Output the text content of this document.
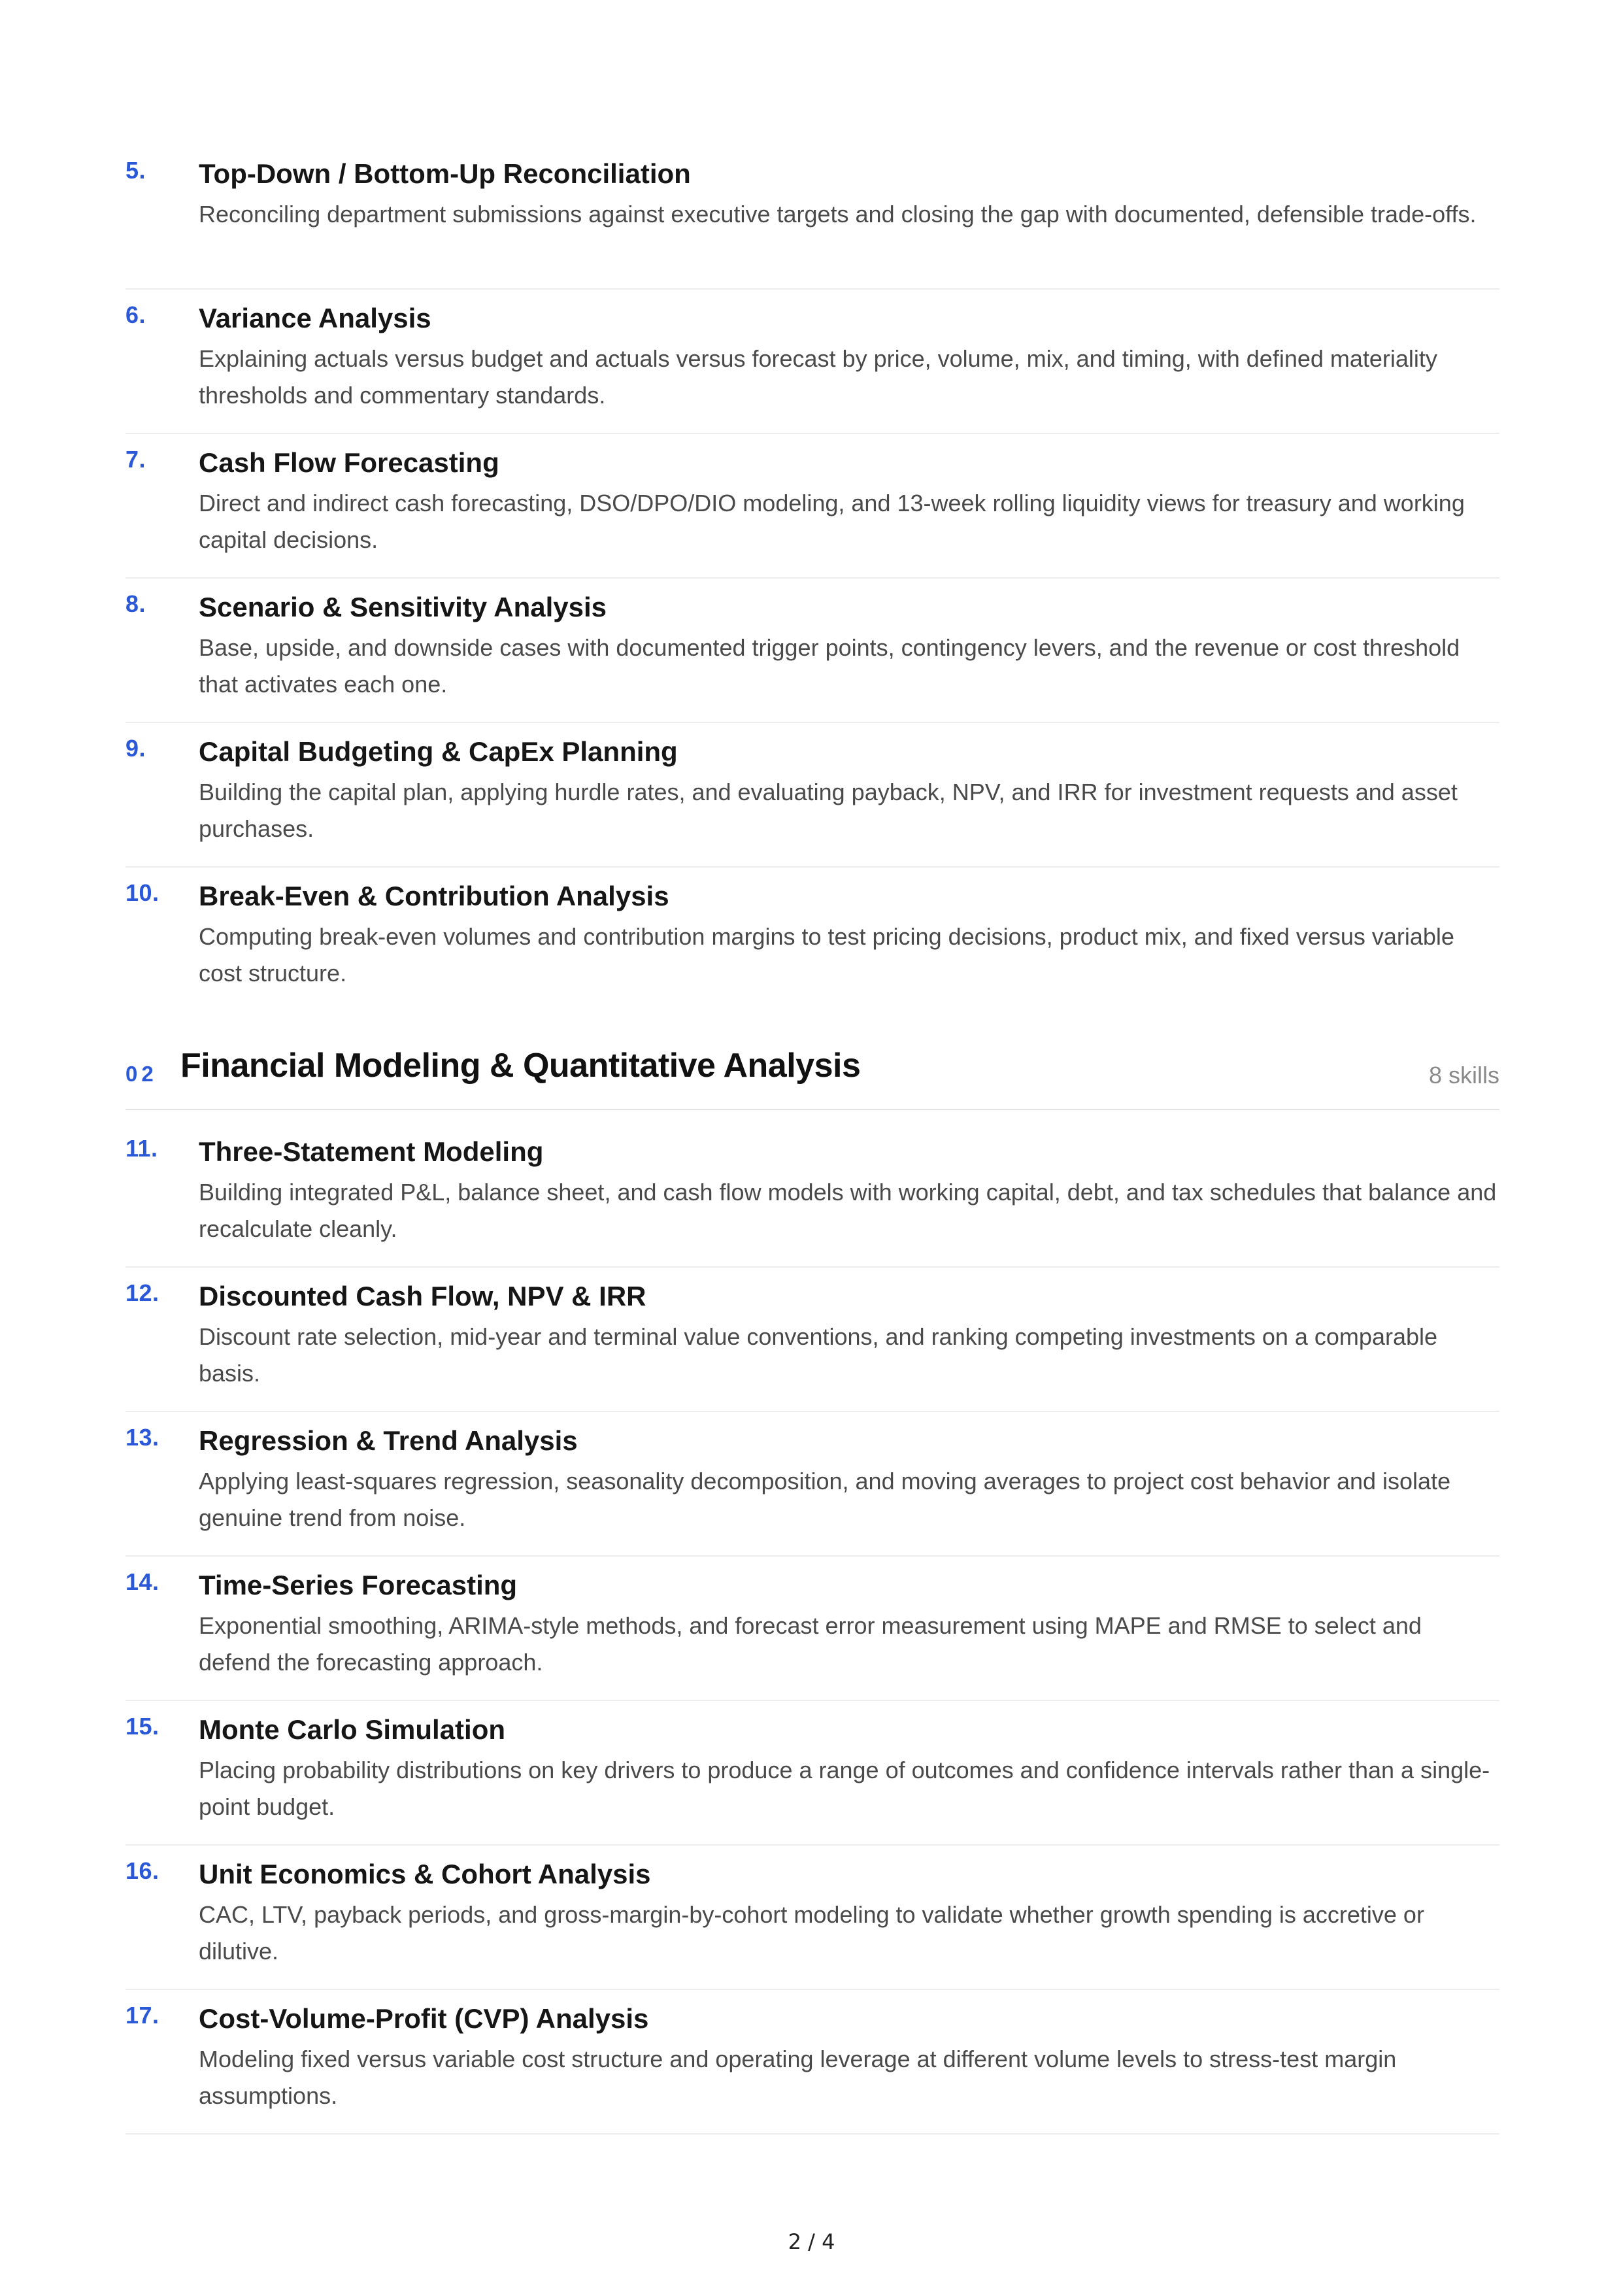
5. Top-Down / Bottom-Up Reconciliation

Reconciling department submissions against executive targets and closing the gap with documented, defensible trade-offs.

6. Variance Analysis

Explaining actuals versus budget and actuals versus forecast by price, volume, mix, and timing, with defined materiality thresholds and commentary standards.

7. Cash Flow Forecasting

Direct and indirect cash forecasting, DSO/DPO/DIO modeling, and 13-week rolling liquidity views for treasury and working capital decisions.

8. Scenario & Sensitivity Analysis

Base, upside, and downside cases with documented trigger points, contingency levers, and the revenue or cost threshold that activates each one.

9. Capital Budgeting & CapEx Planning

Building the capital plan, applying hurdle rates, and evaluating payback, NPV, and IRR for investment requests and asset purchases.

10. Break-Even & Contribution Analysis

Computing break-even volumes and contribution margins to test pricing decisions, product mix, and fixed versus variable cost structure.

02 Financial Modeling & Quantitative Analysis	8 skills
11. Three-Statement Modeling

Building integrated P&L, balance sheet, and cash flow models with working capital, debt, and tax schedules that balance and recalculate cleanly.

12. Discounted Cash Flow, NPV & IRR

Discount rate selection, mid-year and terminal value conventions, and ranking competing investments on a comparable basis.

13. Regression & Trend Analysis

Applying least-squares regression, seasonality decomposition, and moving averages to project cost behavior and isolate genuine trend from noise.

14. Time-Series Forecasting

Exponential smoothing, ARIMA-style methods, and forecast error measurement using MAPE and RMSE to select and defend the forecasting approach.

15. Monte Carlo Simulation

Placing probability distributions on key drivers to produce a range of outcomes and confidence intervals rather than a single-point budget.

16. Unit Economics & Cohort Analysis

CAC, LTV, payback periods, and gross-margin-by-cohort modeling to validate whether growth spending is accretive or dilutive.

17. Cost-Volume-Profit (CVP) Analysis

Modeling fixed versus variable cost structure and operating leverage at different volume levels to stress-test margin assumptions.

2 / 4
